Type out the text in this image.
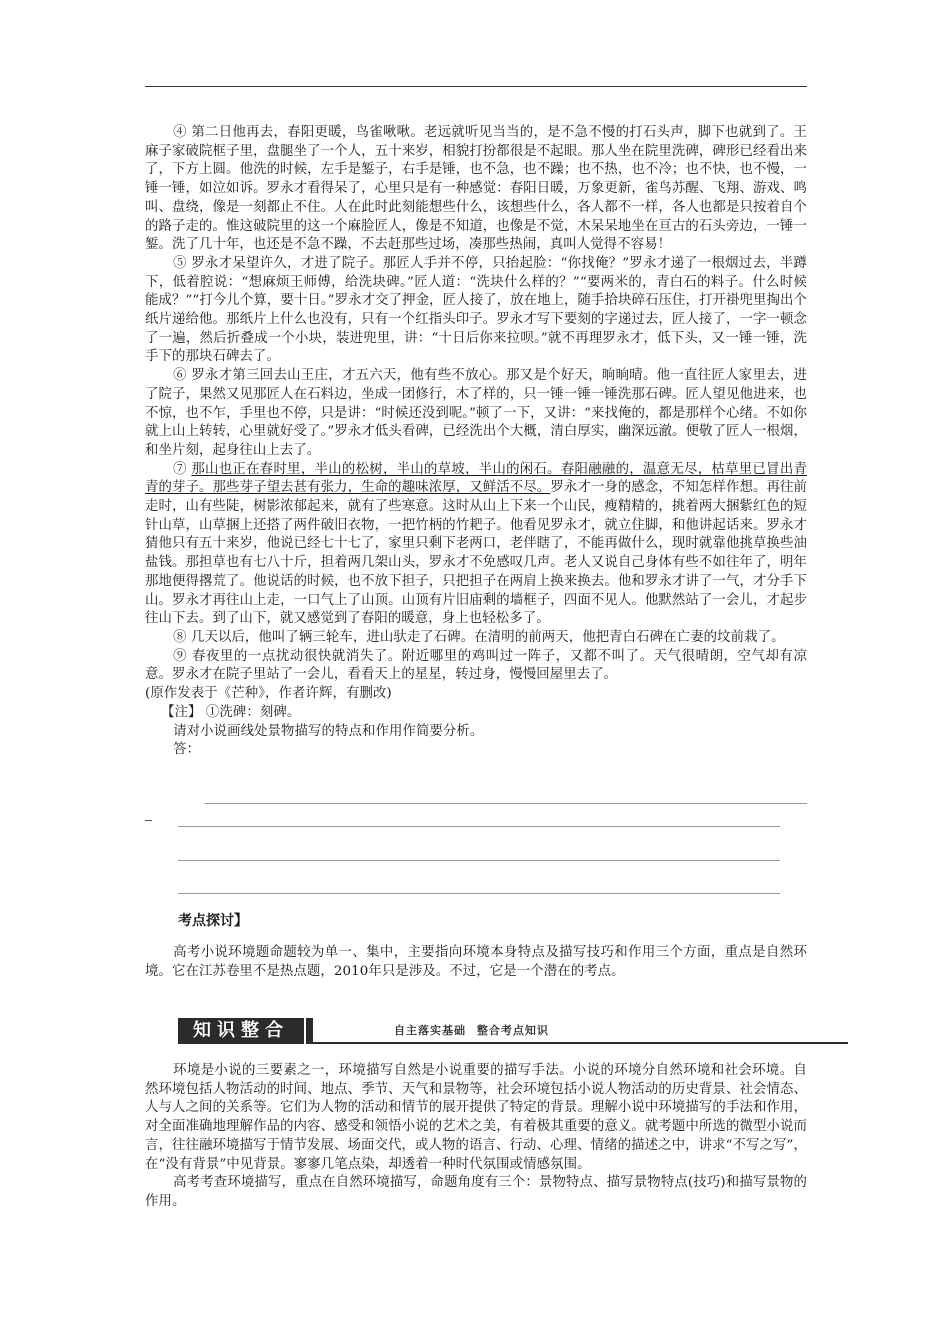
④ 第二日他再去，春阳更暖，鸟雀啾啾。老远就听见当当的，是不急不慢的打石头声，脚下也就到了。王麻子家破院框子里，盘腿坐了一个人，五十来岁，相貌打扮都很是不起眼。那人坐在院里洗碑，碑形已经看出来了，下方上圆。他洗的时候，左手是錾子，右手是锤，也不急，也不躁；也不热，也不冷；也不快，也不慢，一锤一锤，如泣如诉。罗永才看得呆了，心里只是有一种感觉：春阳日暖，万象更新，雀鸟苏醒、飞翔、游戏、鸣叫、盘绕，像是一刻都止不住。人在此时此刻能想些什么，该想些什么，各人都不一样，各人也都是只按着自个的路子走的。惟这破院里的这一个麻脸匠人，像是不知道，也像是不觉，木呆呆地坐在亘古的石头旁边，一锤一錾。洗了几十年，也还是不急不躁，不去赶那些过场，凑那些热闹，真叫人觉得不容易！

⑤ 罗永才呆望许久，才进了院子。那匠人手并不停，只抬起脸：“你找俺？”罗永才递了一根烟过去，半蹲下，低着腔说：“想麻烦王师傅，给洗块碑。”匠人道：“洗块什么样的？”“要两米的，青白石的料子。什么时候能成？”“打今儿个算，要十日。”罗永才交了押金，匠人接了，放在地上，随手拾块碎石压住，打开褂兜里掏出个纸片递给他。那纸片上什么也没有，只有一个红指头印子。罗永才写下要刻的字递过去，匠人接了，一字一顿念了一遍，然后折叠成一个小块，装进兜里，讲：“十日后你来拉呗。”就不再理罗永才，低下头，又一锤一锤，洗手下的那块石碑去了。

⑥ 罗永才第三回去山王庄，才五六天，他有些不放心。那又是个好天，晌晌晴。他一直往匠人家里去，进了院子，果然又见那匠人在石料边，坐成一团修行，木了样的，只一锤一锤一锤洗那石碑。匠人望见他进来，也不惊，也不乍，手里也不停，只是讲：“时候还没到呢。”顿了一下，又讲：“来找俺的，都是那样个心绪。不如你就上山上转转，心里就好受了。”罗永才低头看碑，已经洗出个大概，清白厚实，幽深远澈。便敬了匠人一根烟，和坐片刻，起身往山上去了。

⑦ 那山也正在春时里，半山的松树，半山的草坡，半山的闲石。春阳融融的，温意无尽，枯草里已冒出青青的芽子。那些芽子望去甚有张力，生命的趣味浓厚，又鲜活不尽。罗永才一身的感念，不知怎样作想。再往前走时，山有些陡，树影浓郁起来，就有了些寒意。这时从山上下来一个山民，瘦精精的，挑着两大捆紫红色的短针山草，山草捆上还搭了两件破旧衣物，一把竹柄的竹耙子。他看见罗永才，就立住脚，和他讲起话来。罗永才猜他只有五十来岁，他说已经七十七了，家里只剩下老两口，老伴瞎了，不能再做什么，现时就靠他挑草换些油盐钱。那担草也有七八十斤，担着两几架山头，罗永才不免感叹几声。老人又说自己身体有些不如往年了，明年那地便得撂荒了。他说话的时候，也不放下担子，只把担子在两肩上换来换去。他和罗永才讲了一气，才分手下山。罗永才再往山上走，一口气上了山顶。山顶有片旧庙剩的墙框子，四面不见人。他默然站了一会儿，才起步往山下去。到了山下，就又感觉到了春阳的暖意，身上也轻松多了。

⑧ 几天以后，他叫了辆三轮车，进山驮走了石碑。在清明的前两天，他把青白石碑在亡妻的坟前栽了。

⑨ 春夜里的一点扰动很快就消失了。附近哪里的鸡叫过一阵子，又都不叫了。天气很晴朗，空气却有凉意。罗永才在院子里站了一会儿，看看天上的星星，转过身，慢慢回屋里去了。

(原作发表于《芒种》，作者许辉，有删改)

【注】 ①洗碑：刻碑。

请对小说画线处景物描写的特点和作用作简要分析。

答：

考点探讨】

高考小说环境题命题较为单一、集中，主要指向环境本身特点及描写技巧和作用三个方面，重点是自然环境。它在江苏卷里不是热点题，2010年只是涉及。不过，它是一个潜在的考点。

知识整合	自主落实基础 整合考点知识

环境是小说的三要素之一，环境描写自然是小说重要的描写手法。小说的环境分自然环境和社会环境。自然环境包括人物活动的时间、地点、季节、天气和景物等，社会环境包括小说人物活动的历史背景、社会情态、人与人之间的关系等。它们为人物的活动和情节的展开提供了特定的背景。理解小说中环境描写的手法和作用，对全面准确地理解作品的内容、感受和领悟小说的艺术之美，有着极其重要的意义。就考题中所选的微型小说而言，往往融环境描写于情节发展、场面交代，或人物的语言、行动、心理、情绪的描述之中，讲求“不写之写”，在“没有背景”中见背景。寥寥几笔点染，却透着一种时代氛围或情感氛围。

高考考查环境描写，重点在自然环境描写，命题角度有三个：景物特点、描写景物特点(技巧)和描写景物的作用。
